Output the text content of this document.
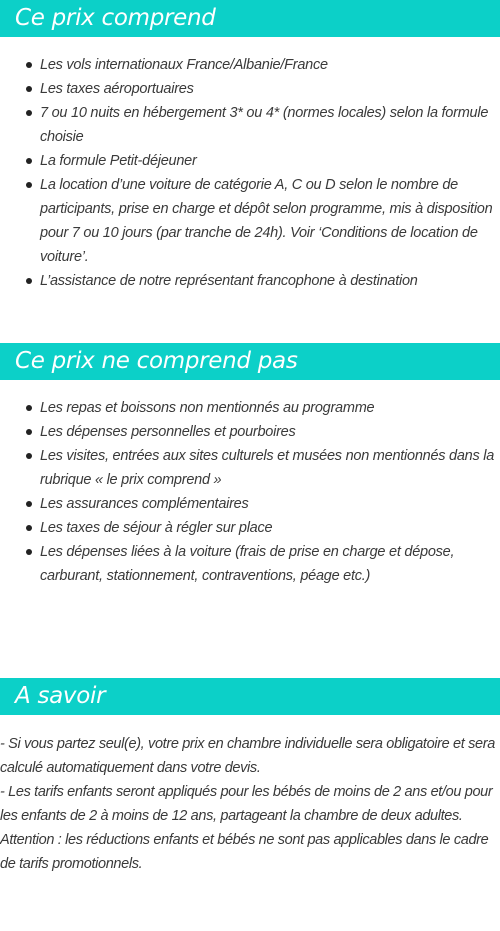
Ce prix comprend
Les vols internationaux France/Albanie/France
Les taxes aéroportuaires
7 ou 10 nuits en hébergement 3* ou 4* (normes locales) selon la formule choisie
La formule Petit-déjeuner
La location d’une voiture de catégorie A, C ou D selon le nombre de participants, prise en charge et dépôt selon programme, mis à disposition pour 7 ou 10 jours (par tranche de 24h). Voir ‘Conditions de location de voiture’.
L’assistance de notre représentant francophone à destination
Ce prix ne comprend pas
Les repas et boissons non mentionnés au programme
Les dépenses personnelles et pourboires
Les visites, entrées aux sites culturels et musées non mentionnés dans la rubrique « le prix comprend »
Les assurances complémentaires
Les taxes de séjour à régler sur place
Les dépenses liées à la voiture (frais de prise en charge et dépose, carburant, stationnement, contraventions, péage etc.)
A savoir

- Si vous partez seul(e), votre prix en chambre individuelle sera obligatoire et sera calculé automatiquement dans votre devis.

- Les tarifs enfants seront appliqués pour les bébés de moins de 2 ans et/ou pour les enfants de 2 à moins de 12 ans, partageant la chambre de deux adultes.

Attention : les réductions enfants et bébés ne sont pas applicables dans le cadre de tarifs promotionnels.
